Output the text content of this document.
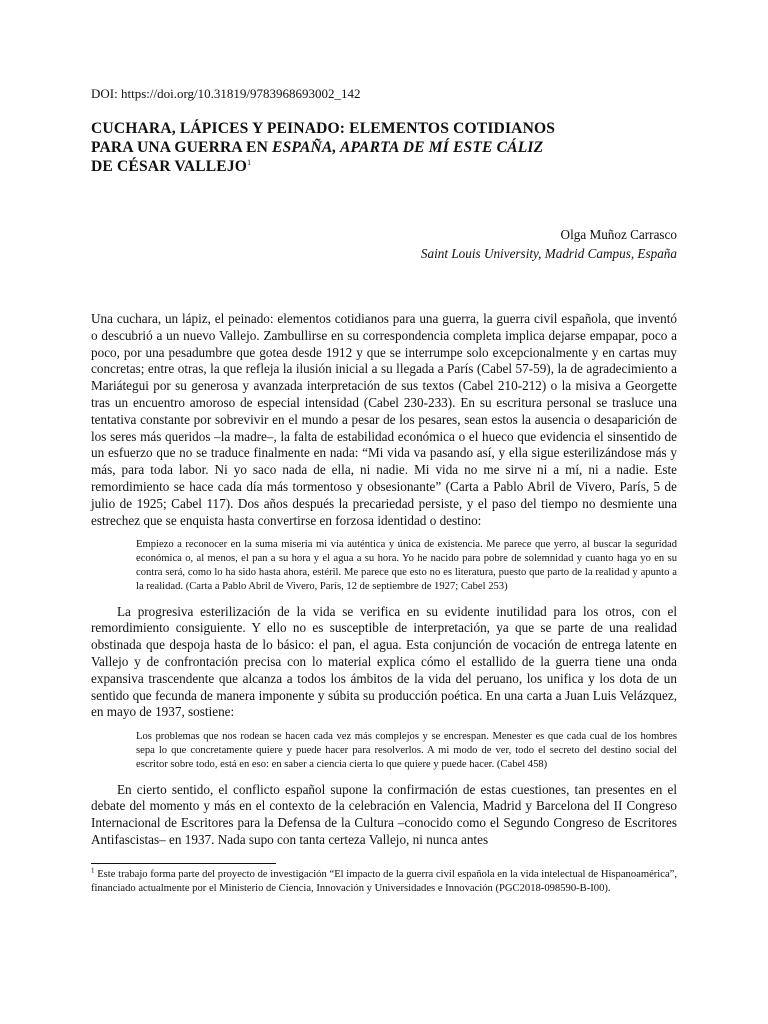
DOI: https://doi.org/10.31819/9783968693002_142
CUCHARA, LÁPICES Y PEINADO: ELEMENTOS COTIDIANOS
PARA UNA GUERRA EN ESPAÑA, APARTA DE MÍ ESTE CÁLIZ
DE CÉSAR VALLEJO$^1$
Olga Muñoz Carrasco
Saint Louis University, Madrid Campus, España

Una cuchara, un lápiz, el peinado: elementos cotidianos para una guerra, la guerra civil española, que inventó o descubrió a un nuevo Vallejo. Zambullirse en su correspondencia completa implica dejarse empapar, poco a poco, por una pesadumbre que gotea desde 1912 y que se interrumpe solo excepcionalmente y en cartas muy concretas; entre otras, la que refleja la ilusión inicial a su llegada a París (Cabel 57-59), la de agradecimiento a Mariátegui por su generosa y avanzada interpretación de sus textos (Cabel 210-212) o la misiva a Georgette tras un encuentro amoroso de especial intensidad (Cabel 230-233). En su escritura personal se trasluce una tentativa constante por sobrevivir en el mundo a pesar de los pesares, sean estos la ausencia o desaparición de los seres más queridos –la madre–, la falta de estabilidad económica o el hueco que evidencia el sinsentido de un esfuerzo que no se traduce finalmente en nada: “Mi vida va pasando así, y ella sigue esterilizándose más y más, para toda labor. Ni yo saco nada de ella, ni nadie. Mi vida no me sirve ni a mí, ni a nadie. Este remordimiento se hace cada día más tormentoso y obsesionante” (Carta a Pablo Abril de Vivero, París, 5 de julio de 1925; Cabel 117). Dos años después la precariedad persiste, y el paso del tiempo no desmiente una estrechez que se enquista hasta convertirse en forzosa identidad o destino:

Empiezo a reconocer en la suma miseria mi vía auténtica y única de existencia. Me parece que yerro, al buscar la seguridad económica o, al menos, el pan a su hora y el agua a su hora. Yo he nacido para pobre de solemnidad y cuanto haga yo en su contra será, como lo ha sido hasta ahora, estéril. Me parece que esto no es literatura, puesto que parto de la realidad y apunto a la realidad. (Carta a Pablo Abril de Vivero, París, 12 de septiembre de 1927; Cabel 253)

La progresiva esterilización de la vida se verifica en su evidente inutilidad para los otros, con el remordimiento consiguiente. Y ello no es susceptible de interpretación, ya que se parte de una realidad obstinada que despoja hasta de lo básico: el pan, el agua. Esta conjunción de vocación de entrega latente en Vallejo y de confrontación precisa con lo material explica cómo el estallido de la guerra tiene una onda expansiva trascendente que alcanza a todos los ámbitos de la vida del peruano, los unifica y los dota de un sentido que fecunda de manera imponente y súbita su producción poética. En una carta a Juan Luis Velázquez, en mayo de 1937, sostiene:

Los problemas que nos rodean se hacen cada vez más complejos y se encrespan. Menester es que cada cual de los hombres sepa lo que concretamente quiere y puede hacer para resolverlos. A mi modo de ver, todo el secreto del destino social del escritor sobre todo, está en eso: en saber a ciencia cierta lo que quiere y puede hacer. (Cabel 458)

En cierto sentido, el conflicto español supone la confirmación de estas cuestiones, tan presentes en el debate del momento y más en el contexto de la celebración en Valencia, Madrid y Barcelona del II Congreso Internacional de Escritores para la Defensa de la Cultura –conocido como el Segundo Congreso de Escritores Antifascistas– en 1937. Nada supo con tanta certeza Vallejo, ni nunca antes

$^1$ Este trabajo forma parte del proyecto de investigación “El impacto de la guerra civil española en la vida intelectual de Hispanoamérica”, financiado actualmente por el Ministerio de Ciencia, Innovación y Universidades e Innovación (PGC2018-098590-B-I00).
